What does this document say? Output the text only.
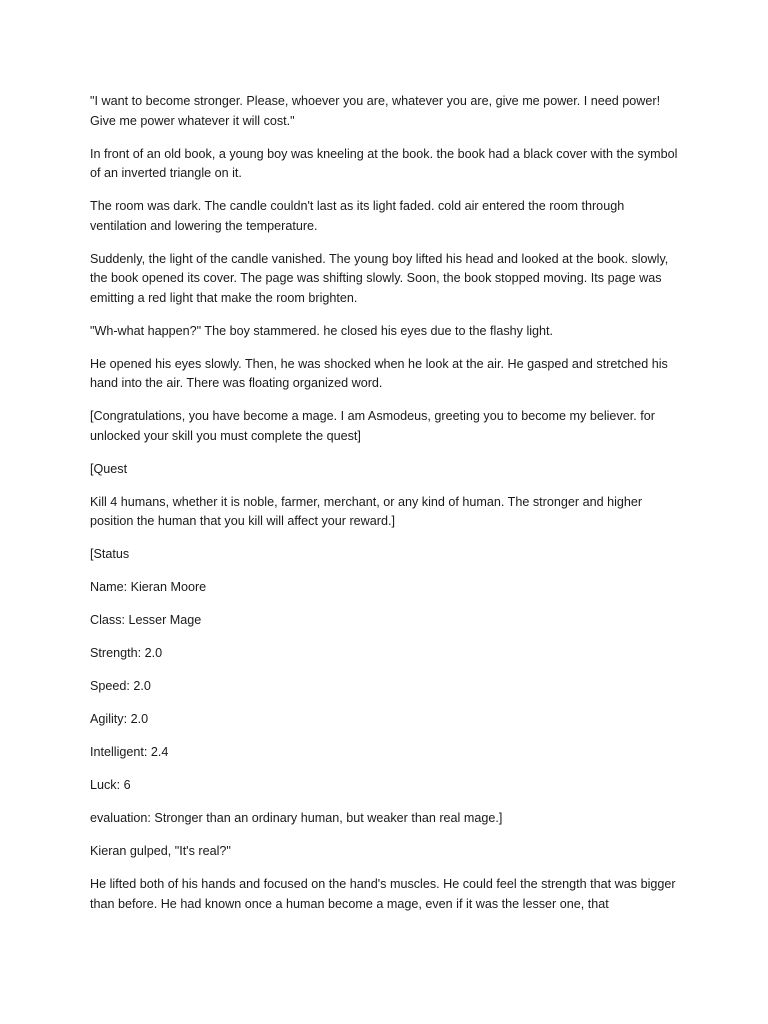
"I want to become stronger. Please, whoever you are, whatever you are, give me power. I need power! Give me power whatever it will cost."

In front of an old book, a young boy was kneeling at the book. the book had a black cover with the symbol of an inverted triangle on it.

The room was dark. The candle couldn't last as its light faded. cold air entered the room through ventilation and lowering the temperature.

Suddenly, the light of the candle vanished. The young boy lifted his head and looked at the book. slowly, the book opened its cover. The page was shifting slowly. Soon, the book stopped moving. Its page was emitting a red light that make the room brighten.

"Wh-what happen?" The boy stammered. he closed his eyes due to the flashy light.

He opened his eyes slowly. Then, he was shocked when he look at the air. He gasped and stretched his hand into the air. There was floating organized word.

[Congratulations, you have become a mage. I am Asmodeus, greeting you to become my believer. for unlocked your skill you must complete the quest]

[Quest

Kill 4 humans, whether it is noble, farmer, merchant, or any kind of human. The stronger and higher position the human that you kill will affect your reward.]

[Status

Name: Kieran Moore

Class: Lesser Mage

Strength: 2.0

Speed: 2.0

Agility: 2.0

Intelligent: 2.4

Luck: 6

evaluation: Stronger than an ordinary human, but weaker than real mage.]

Kieran gulped, "It's real?"

He lifted both of his hands and focused on the hand's muscles. He could feel the strength that was bigger than before. He had known once a human become a mage, even if it was the lesser one, that
